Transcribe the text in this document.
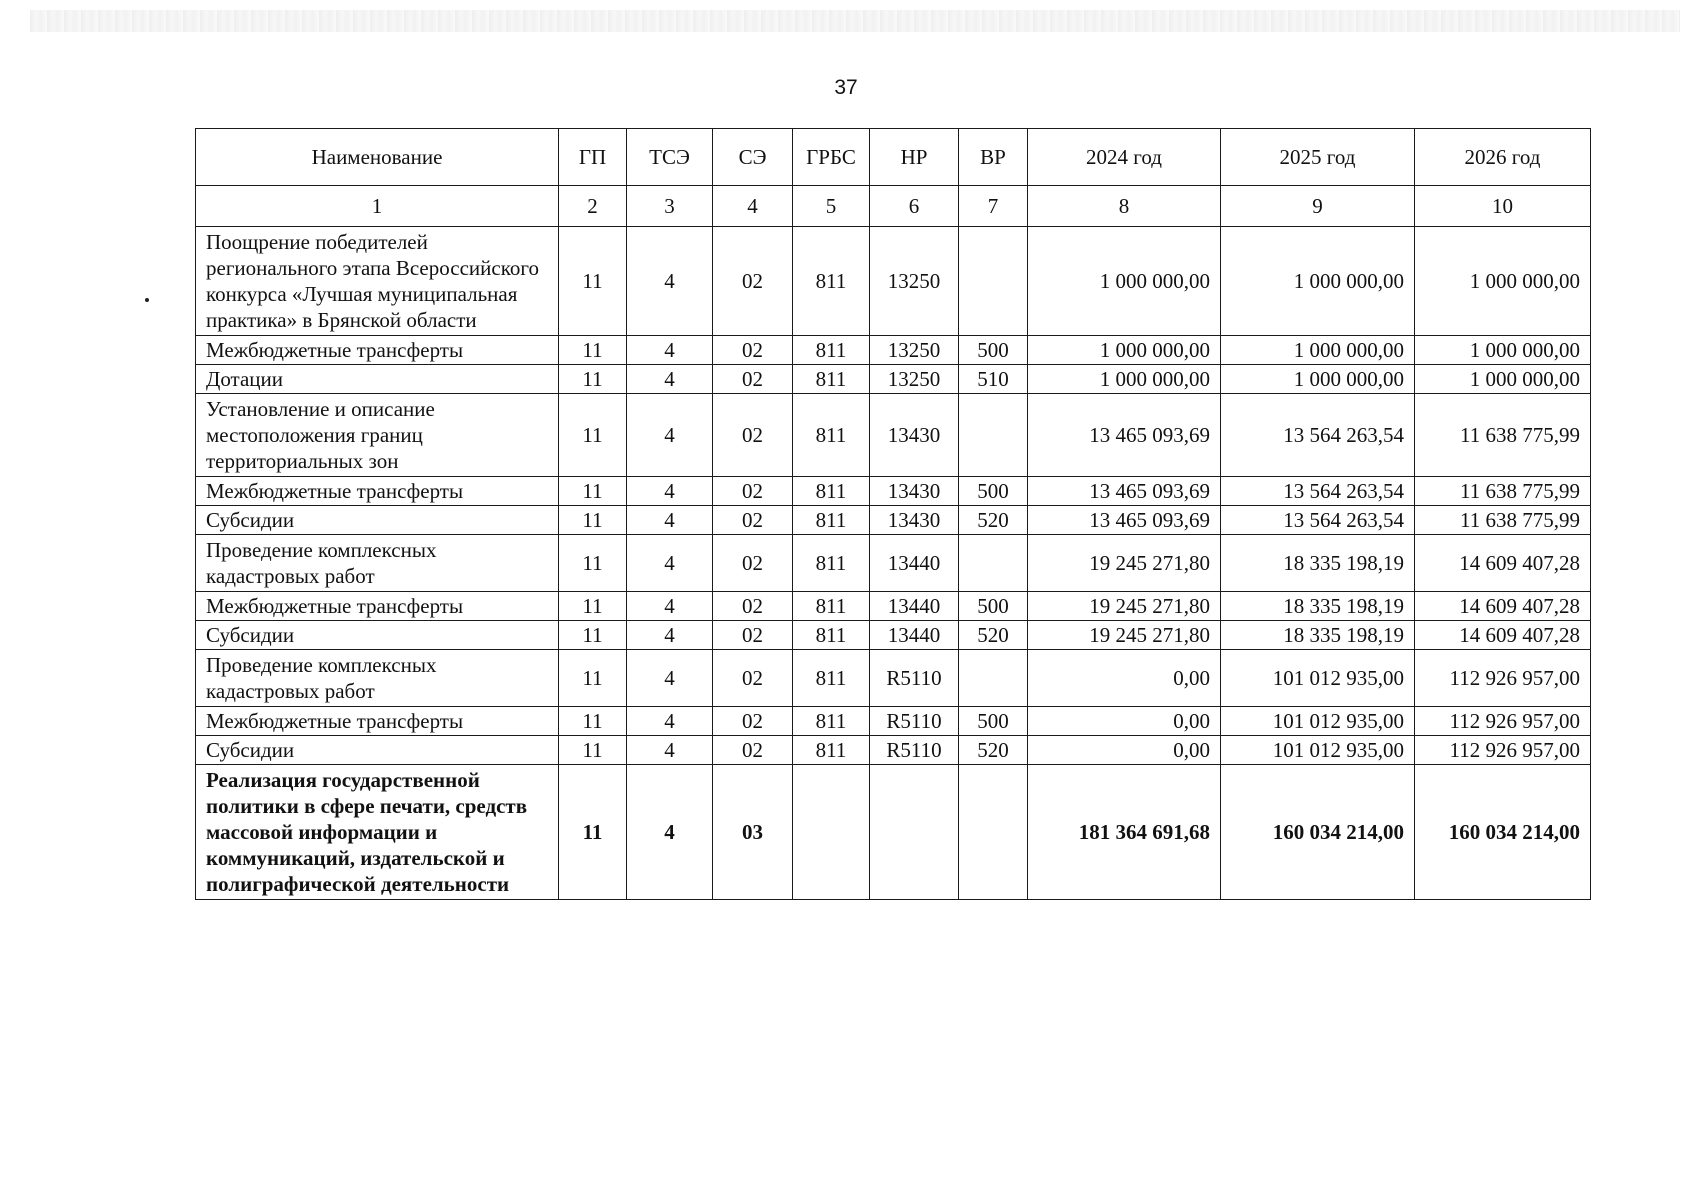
37
Наименование	ГП	ТСЭ	СЭ	ГРБС	НР	ВР	2024 год	2025 год	2026 год
1	2	3	4	5	6	7	8	9	10
Поощрение победителей регионального этапа Всероссийского конкурса «Лучшая муниципальная практика» в Брянской области	11	4	02	811	13250		1 000 000,00	1 000 000,00	1 000 000,00
Межбюджетные трансферты	11	4	02	811	13250	500	1 000 000,00	1 000 000,00	1 000 000,00
Дотации	11	4	02	811	13250	510	1 000 000,00	1 000 000,00	1 000 000,00
Установление и описание местоположения границ территориальных зон	11	4	02	811	13430		13 465 093,69	13 564 263,54	11 638 775,99
Межбюджетные трансферты	11	4	02	811	13430	500	13 465 093,69	13 564 263,54	11 638 775,99
Субсидии	11	4	02	811	13430	520	13 465 093,69	13 564 263,54	11 638 775,99
Проведение комплексных кадастровых работ	11	4	02	811	13440		19 245 271,80	18 335 198,19	14 609 407,28
Межбюджетные трансферты	11	4	02	811	13440	500	19 245 271,80	18 335 198,19	14 609 407,28
Субсидии	11	4	02	811	13440	520	19 245 271,80	18 335 198,19	14 609 407,28
Проведение комплексных кадастровых работ	11	4	02	811	R5110		0,00	101 012 935,00	112 926 957,00
Межбюджетные трансферты	11	4	02	811	R5110	500	0,00	101 012 935,00	112 926 957,00
Субсидии	11	4	02	811	R5110	520	0,00	101 012 935,00	112 926 957,00
Реализация государственной политики в сфере печати, средств массовой информации и коммуникаций, издательской и полиграфической деятельности	11	4	03				181 364 691,68	160 034 214,00	160 034 214,00
